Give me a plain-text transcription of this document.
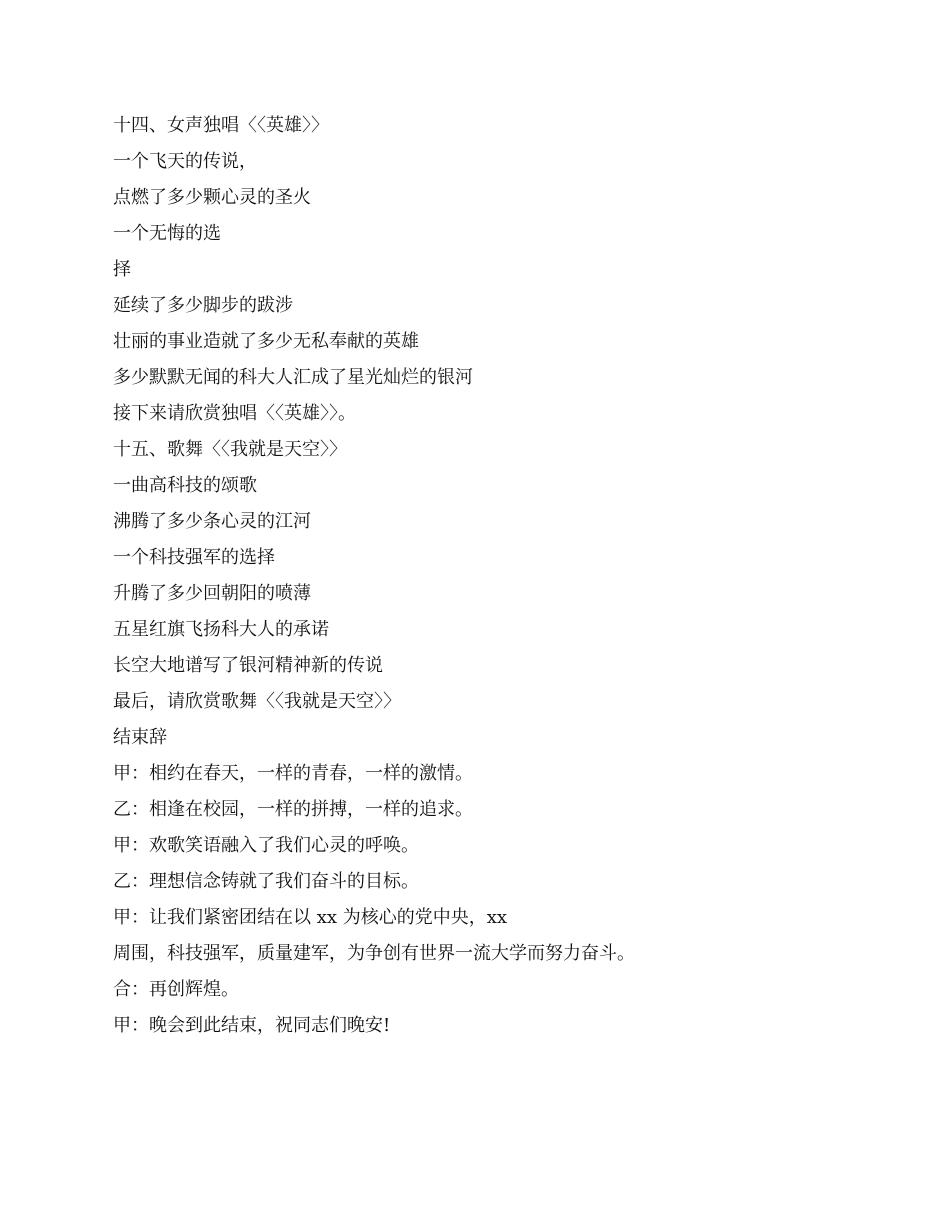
十四、女声独唱〈〈英雄〉〉
一个飞天的传说，
点燃了多少颗心灵的圣火
一个无悔的选
择
延续了多少脚步的跋涉
壮丽的事业造就了多少无私奉献的英雄
多少默默无闻的科大人汇成了星光灿烂的银河
接下来请欣赏独唱〈〈英雄〉〉。
十五、歌舞〈〈我就是天空〉〉
一曲高科技的颂歌
沸腾了多少条心灵的江河
一个科技强军的选择
升腾了多少回朝阳的喷薄
五星红旗飞扬科大人的承诺
长空大地谱写了银河精神新的传说
最后，请欣赏歌舞〈〈我就是天空〉〉
结束辞
甲：相约在春天，一样的青春，一样的激情。
乙：相逢在校园，一样的拼搏，一样的追求。
甲：欢歌笑语融入了我们心灵的呼唤。
乙：理想信念铸就了我们奋斗的目标。
甲：让我们紧密团结在以 xx 为核心的党中央，xx
周围，科技强军，质量建军，为争创有世界一流大学而努力奋斗。
合：再创辉煌。
甲：晚会到此结束，祝同志们晚安!
